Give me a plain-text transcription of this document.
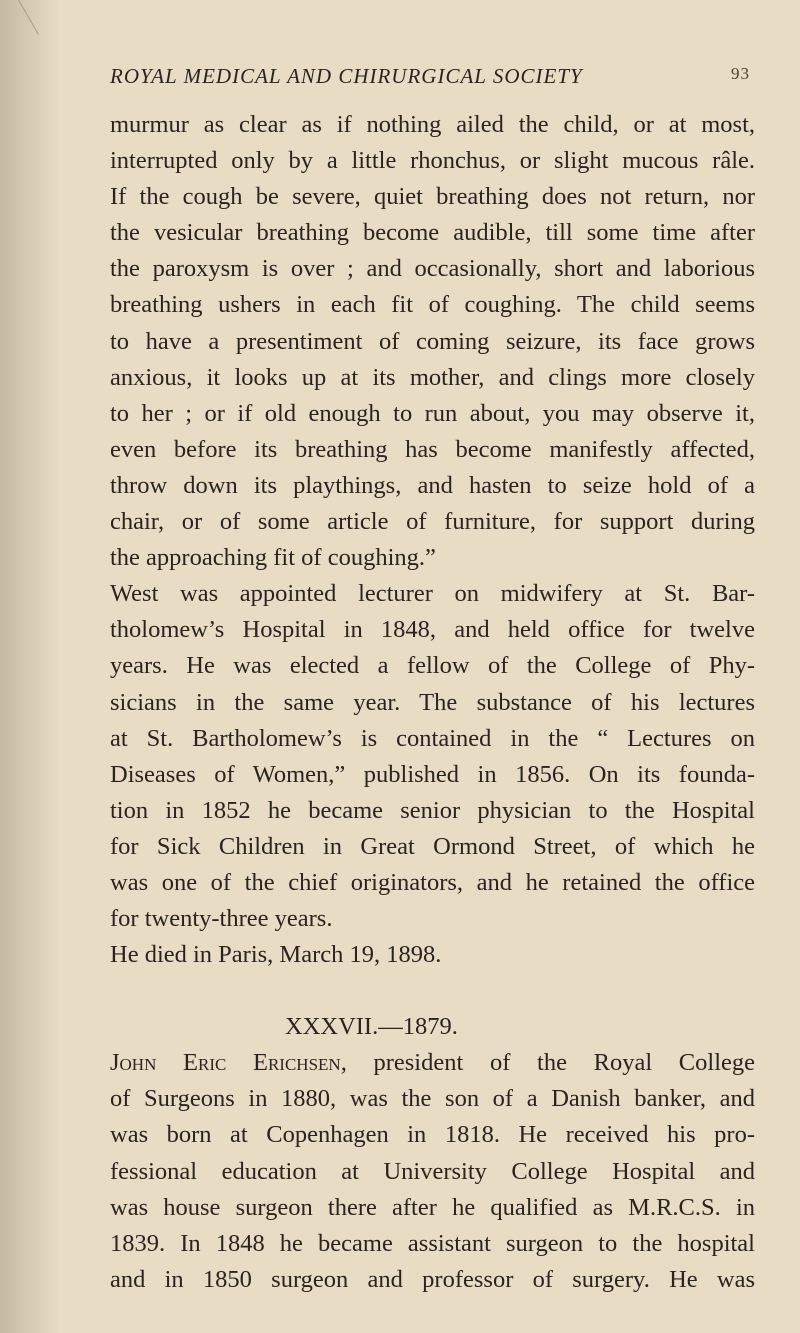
ROYAL MEDICAL AND CHIRURGICAL SOCIETY	93
murmur as clear as if nothing ailed the child, or at most,
interrupted only by a little rhonchus, or slight mucous râle.
If the cough be severe, quiet breathing does not return, nor
the vesicular breathing become audible, till some time after
the paroxysm is over ; and occasionally, short and laborious
breathing ushers in each fit of coughing. The child seems
to have a presentiment of coming seizure, its face grows
anxious, it looks up at its mother, and clings more closely
to her ; or if old enough to run about, you may observe it,
even before its breathing has become manifestly affected,
throw down its playthings, and hasten to seize hold of a
chair, or of some article of furniture, for support during
the approaching fit of coughing.”
West was appointed lecturer on midwifery at St. Bar-
tholomew’s Hospital in 1848, and held office for twelve
years. He was elected a fellow of the College of Phy-
sicians in the same year. The substance of his lectures
at St. Bartholomew’s is contained in the “ Lectures on
Diseases of Women,” published in 1856. On its founda-
tion in 1852 he became senior physician to the Hospital
for Sick Children in Great Ormond Street, of which he
was one of the chief originators, and he retained the office
for twenty-three years.
He died in Paris, March 19, 1898.
XXXVII.—1879.
John Eric Erichsen, president of the Royal College
of Surgeons in 1880, was the son of a Danish banker, and
was born at Copenhagen in 1818. He received his pro-
fessional education at University College Hospital and
was house surgeon there after he qualified as M.R.C.S. in
1839. In 1848 he became assistant surgeon to the hospital
and in 1850 surgeon and professor of surgery. He was
